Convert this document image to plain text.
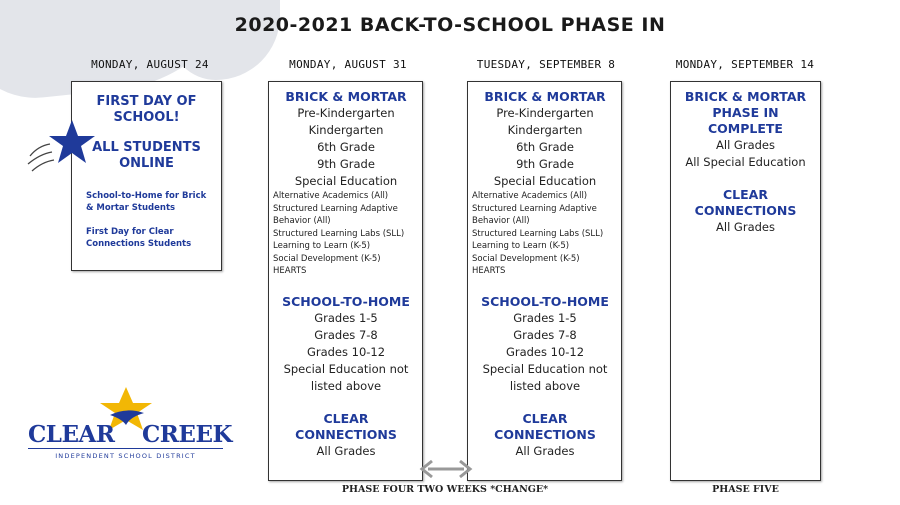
2020-2021 BACK-TO-SCHOOL PHASE IN
MONDAY, AUGUST 24	MONDAY, AUGUST 31	TUESDAY, SEPTEMBER 8	MONDAY, SEPTEMBER 14
FIRST DAY OF SCHOOL!
ALL STUDENTS ONLINE
School-to-Home for Brick & Mortar Students
First Day for Clear Connections Students
BRICK & MORTAR
Pre-Kindergarten
Kindergarten
6th Grade
9th Grade
Special Education
Alternative Academics (All)
Structured Learning Adaptive Behavior (All)
Structured Learning Labs (SLL) Learning to Learn (K-5)
Social Development (K-5)
HEARTS
SCHOOL-TO-HOME
Grades 1-5
Grades 7-8
Grades 10-12
Special Education not listed above
CLEAR CONNECTIONS
All Grades
BRICK & MORTAR
Pre-Kindergarten
Kindergarten
6th Grade
9th Grade
Special Education
Alternative Academics (All)
Structured Learning Adaptive Behavior (All)
Structured Learning Labs (SLL) Learning to Learn (K-5)
Social Development (K-5)
HEARTS
SCHOOL-TO-HOME
Grades 1-5
Grades 7-8
Grades 10-12
Special Education not listed above
CLEAR CONNECTIONS
All Grades
BRICK & MORTAR PHASE IN COMPLETE
All Grades
All Special Education
CLEAR CONNECTIONS
All Grades
PHASE FOUR TWO WEEKS *CHANGE*	PHASE FIVE
CLEAR CREEK
INDEPENDENT SCHOOL DISTRICT
